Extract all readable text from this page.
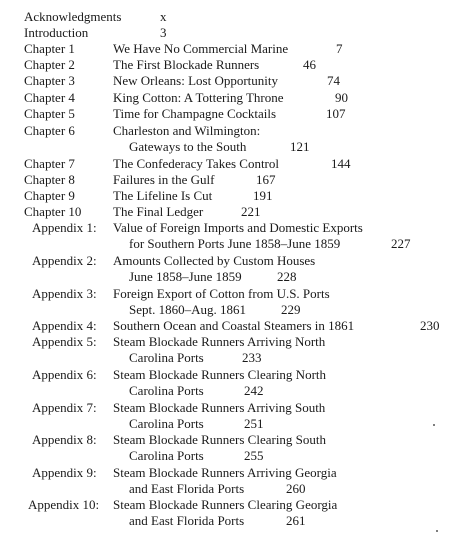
Acknowledgments	x
Introduction	3
Chapter 1	We Have No Commercial Marine	7
Chapter 2	The First Blockade Runners	46
Chapter 3	New Orleans: Lost Opportunity	74
Chapter 4	King Cotton: A Tottering Throne	90
Chapter 5	Time for Champagne Cocktails	107
Chapter 6	Charleston and Wilmington:
Gateways to the South	121
Chapter 7	The Confederacy Takes Control	144
Chapter 8	Failures in the Gulf	167
Chapter 9	The Lifeline Is Cut	191
Chapter 10 The Final Ledger	221
Appendix 1: Value of Foreign Imports and Domestic Exports
for Southern Ports June 1858–June 1859	227
Appendix 2: Amounts Collected by Custom Houses
June 1858–June 1859	228
Appendix 3: Foreign Export of Cotton from U.S. Ports
Sept. 1860–Aug. 1861	229
Appendix 4: Southern Ocean and Coastal Steamers in 1861	230
Appendix 5: Steam Blockade Runners Arriving North
Carolina Ports	233
Appendix 6: Steam Blockade Runners Clearing North
Carolina Ports	242
Appendix 7: Steam Blockade Runners Arriving South
Carolina Ports	251
Appendix 8: Steam Blockade Runners Clearing South
Carolina Ports	255
Appendix 9: Steam Blockade Runners Arriving Georgia
and East Florida Ports	260
Appendix 10: Steam Blockade Runners Clearing Georgia
and East Florida Ports	261
